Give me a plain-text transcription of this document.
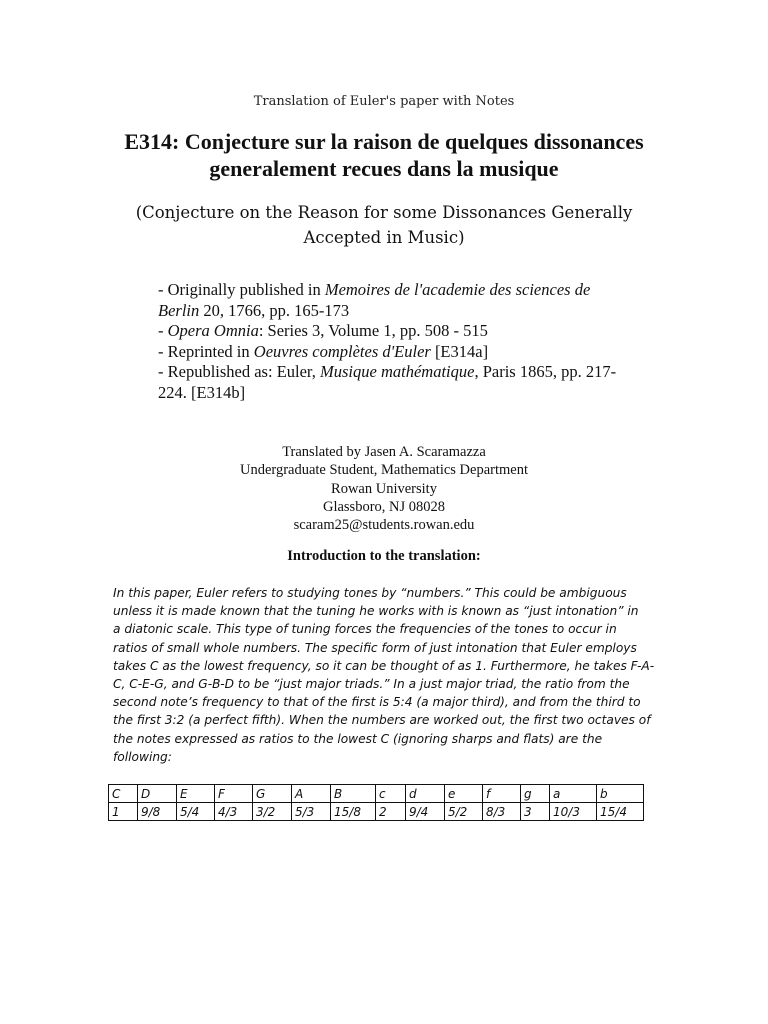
Translation of Euler's paper with Notes
E314: Conjecture sur la raison de quelques dissonances
generalement recues dans la musique
(Conjecture on the Reason for some Dissonances Generally
Accepted in Music)
- Originally published in Memoires de l'academie des sciences de
Berlin 20, 1766, pp. 165-173
- Opera Omnia: Series 3, Volume 1, pp. 508 - 515
- Reprinted in Oeuvres complètes d'Euler [E314a]
- Republished as: Euler, Musique mathématique, Paris 1865, pp. 217-
224. [E314b]
Translated by Jasen A. Scaramazza
Undergraduate Student, Mathematics Department
Rowan University
Glassboro, NJ 08028
scaram25@students.rowan.edu
Introduction to the translation:
In this paper, Euler refers to studying tones by “numbers.” This could be ambiguous
unless it is made known that the tuning he works with is known as “just intonation” in
a diatonic scale. This type of tuning forces the frequencies of the tones to occur in
ratios of small whole numbers. The specific form of just intonation that Euler employs
takes C as the lowest frequency, so it can be thought of as 1. Furthermore, he takes F-A-
C, C-E-G, and G-B-D to be “just major triads.” In a just major triad, the ratio from the
second note’s frequency to that of the first is 5:4 (a major third), and from the third to
the first 3:2 (a perfect fifth). When the numbers are worked out, the first two octaves of
the notes expressed as ratios to the lowest C (ignoring sharps and flats) are the
following:
C	D	E	F	G	A	B	c	d	e	f	g	a	b
1	9/8	5/4	4/3	3/2	5/3	15/8	2	9/4	5/2	8/3	3	10/3	15/4
